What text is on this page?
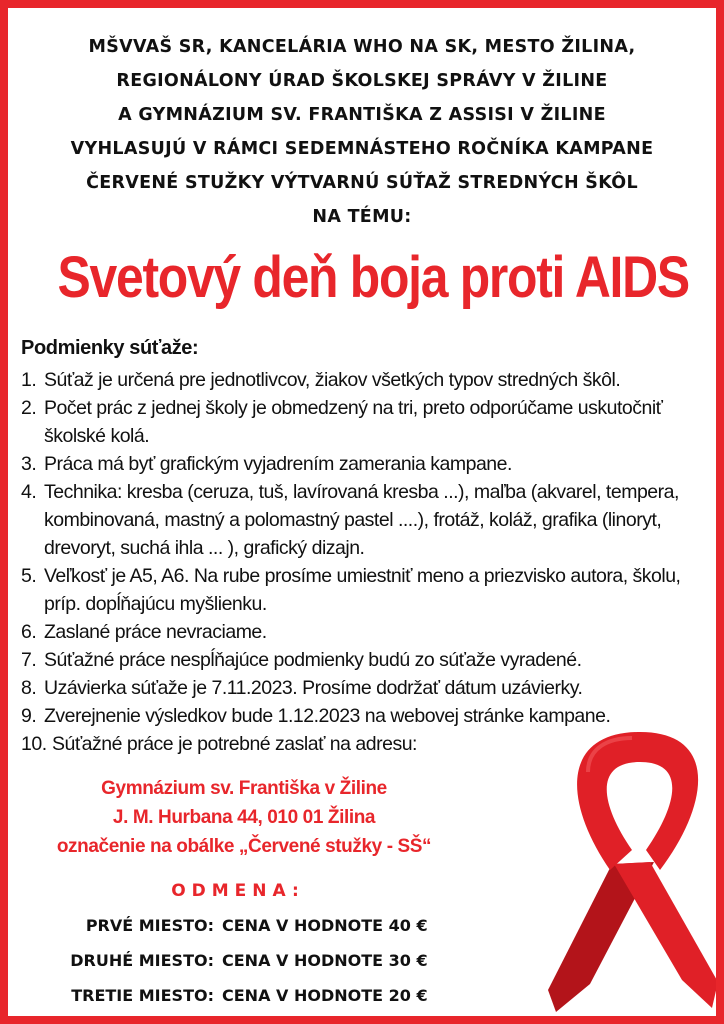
MŠVVAŠ SR, KANCELÁRIA WHO NA SK, MESTO ŽILINA,
REGIONÁLONY ÚRAD ŠKOLSKEJ SPRÁVY V ŽILINE
A GYMNÁZIUM SV. FRANTIŠKA Z ASSISI V ŽILINE
VYHLASUJÚ V RÁMCI SEDEMNÁSTEHO ROČNÍKA KAMPANE
ČERVENÉ STUŽKY VÝTVARNÚ SÚŤAŽ STREDNÝCH ŠKÔL
NA TÉMU:
Svetový deň boja proti AIDS
Podmienky súťaže:
1. Súťaž je určená pre jednotlivcov, žiakov všetkých typov stredných škôl.
2. Počet prác z jednej školy je obmedzený na tri, preto odporúčame uskutočniť školské kolá.
3. Práca má byť grafickým vyjadrením zamerania kampane.
4. Technika: kresba (ceruza, tuš, lavírovaná kresba ...), maľba (akvarel, tempera, kombinovaná, mastný a polomastný pastel ....), frotáž, koláž, grafika (linoryt, drevoryt, suchá ihla ... ), grafický dizajn.
5. Veľkosť je A5, A6. Na rube prosíme umiestniť meno a priezvisko autora, školu, príp. dopĺňajúcu myšlienku.
6. Zaslané práce nevraciame.
7. Súťažné práce nespĺňajúce podmienky budú zo súťaže vyradené.
8. Uzávierka súťaže je 7.11.2023. Prosíme dodržať dátum uzávierky.
9. Zverejnenie výsledkov bude 1.12.2023 na webovej stránke kampane.
10. Súťažné práce je potrebné zaslať na adresu:
Gymnázium sv. Františka v Žiline
J. M. Hurbana 44, 010 01 Žilina
označenie na obálke „Červené stužky - SŠ“
ODMENA:
PRVÉ MIESTO: CENA V HODNOTE 40 €
DRUHÉ MIESTO: CENA V HODNOTE 30 €
TRETIE MIESTO: CENA V HODNOTE 20 €
